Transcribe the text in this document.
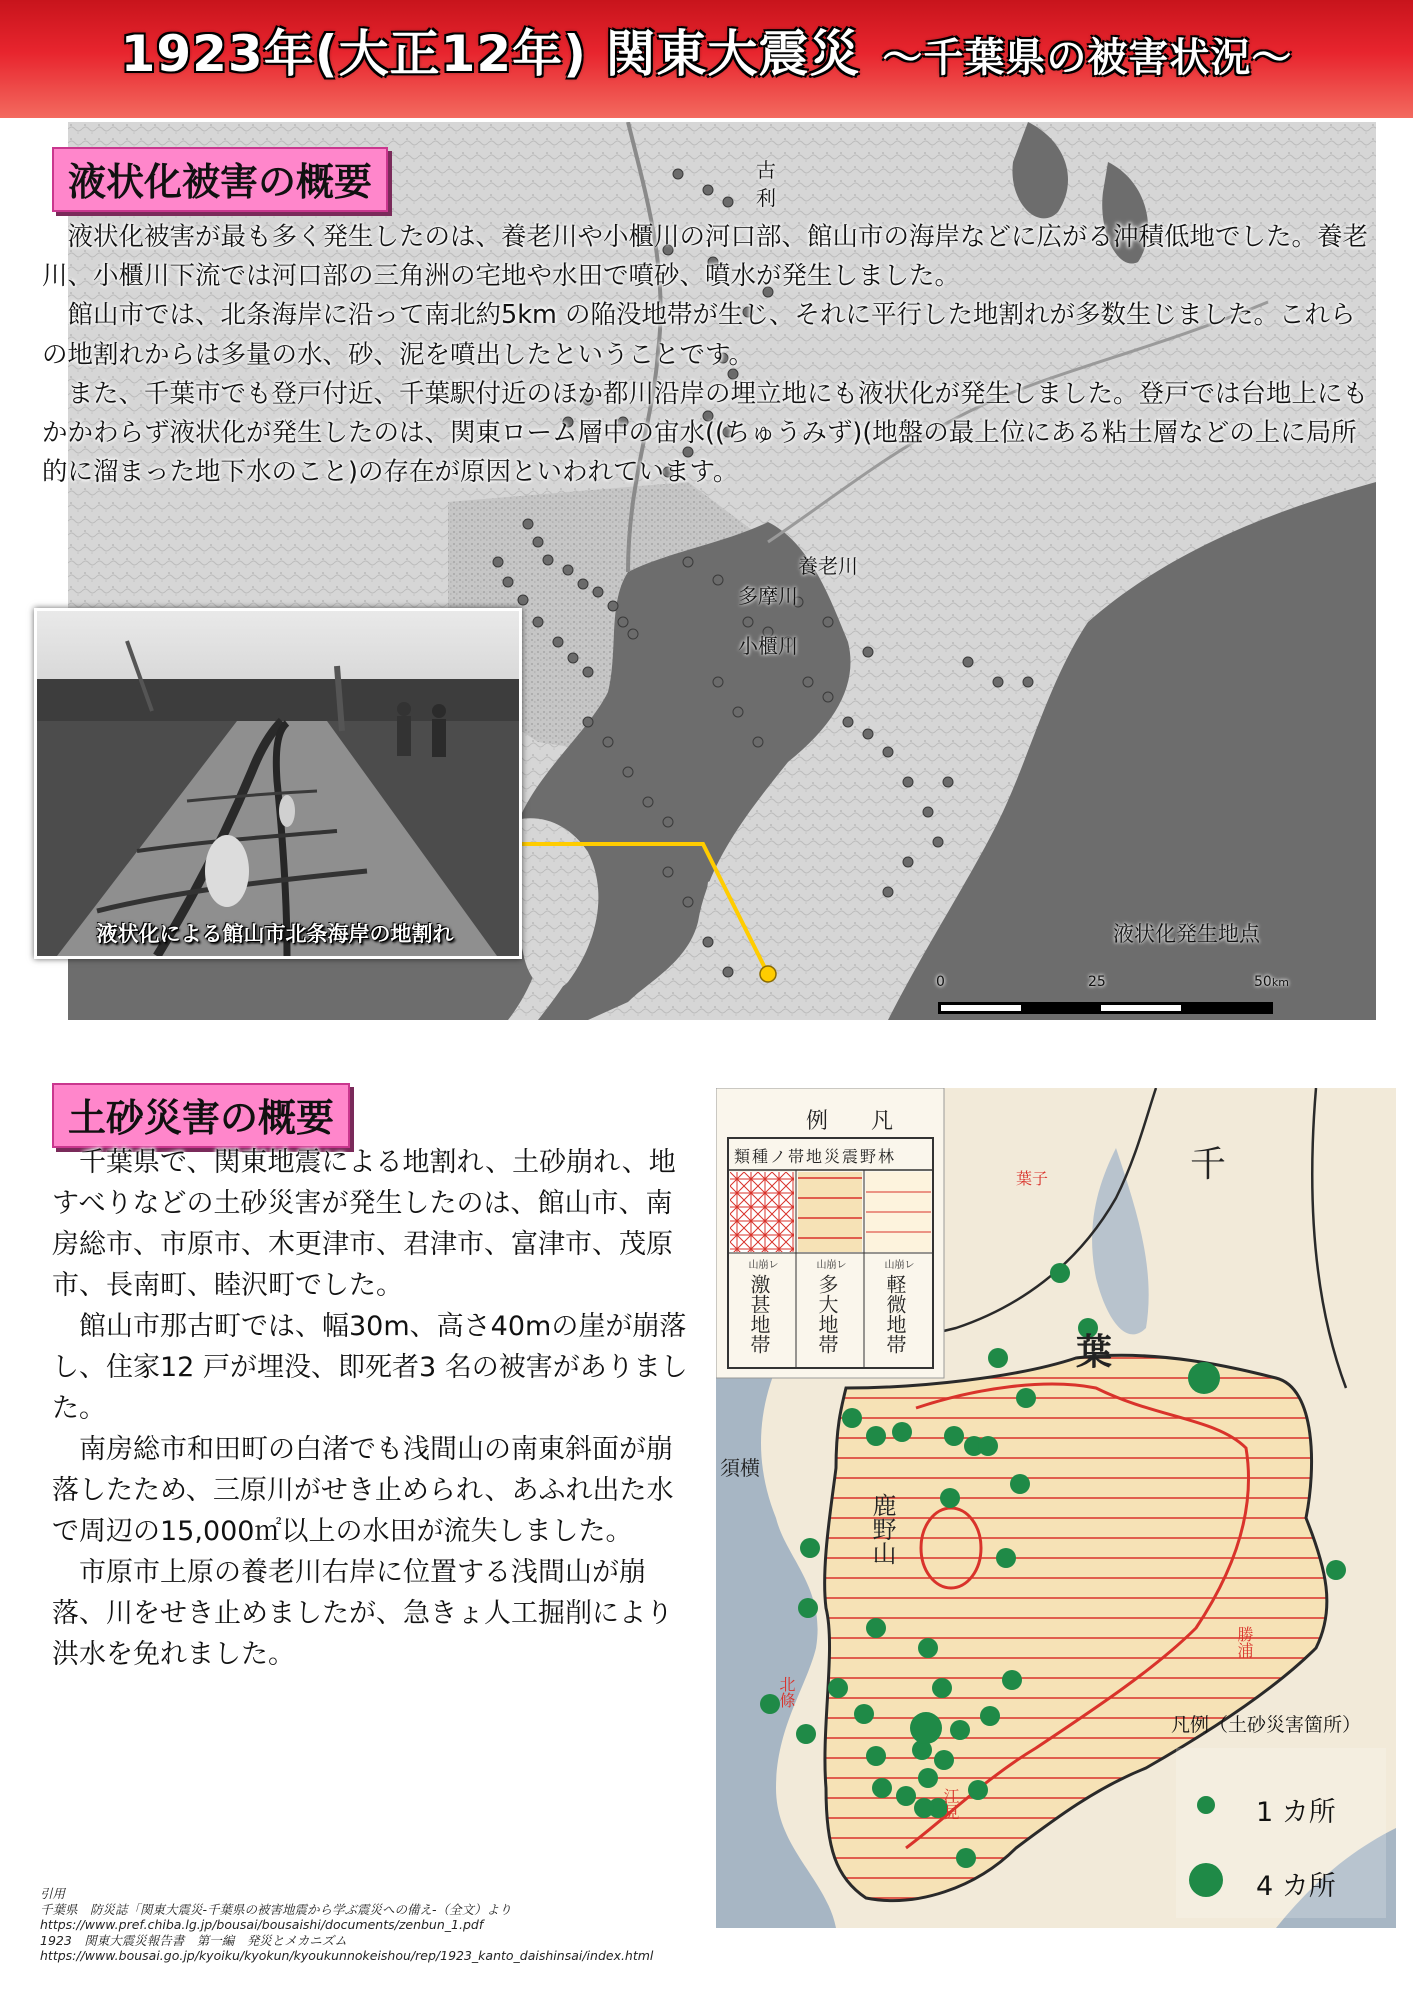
1923年(大正12年) 関東大震災 〜千葉県の被害状況〜
古
利
養老川
多摩川
小櫃川
液状化発生地点
0	25	50km
液状化被害の概要

液状化被害が最も多く発生したのは、養老川や小櫃川の河口部、館山市の海岸などに広がる沖積低地でした。養老川、小櫃川下流では河口部の三角洲の宅地や水田で噴砂、噴水が発生しました。

館山市では、北条海岸に沿って南北約5km の陥没地帯が生じ、それに平行した地割れが多数生じました。これらの地割れからは多量の水、砂、泥を噴出したということです。

また、千葉市でも登戸付近、千葉駅付近のほか都川沿岸の埋立地にも液状化が発生しました。登戸では台地上にもかかわらず液状化が発生したのは、関東ローム層中の宙水((ちゅうみず)(地盤の最上位にある粘土層などの上に局所的に溜まった地下水のこと)の存在が原因といわれています。

液状化による館山市北条海岸の地割れ
土砂災害の概要

千葉県で、関東地震による地割れ、土砂崩れ、地すべりなどの土砂災害が発生したのは、館山市、南房総市、市原市、木更津市、君津市、富津市、茂原市、長南町、睦沢町でした。

館山市那古町では、幅30m、高さ40mの崖が崩落し、住家12 戸が埋没、即死者3 名の被害がありました。

南房総市和田町の白渚でも浅間山の南東斜面が崩落したため、三原川がせき止められ、あふれ出た水で周辺の15,000㎡以上の水田が流失しました。

市原市上原の養老川右岸に位置する浅間山が崩落、川をせき止めましたが、急きょ人工掘削により洪水を免れました。

例 凡
類種ノ帯地災震野林
山崩レ	山崩レ	山崩レ
激甚地帯 多大地帯 軽微地帯
千
葉
鹿野山
葉子
須横
勝浦
北條
江見
凡例（土砂災害箇所）
1 カ所
4 カ所
引用
千葉県　防災誌「関東大震災-千葉県の被害地震から学ぶ震災への備え-（全文）より
https://www.pref.chiba.lg.jp/bousai/bousaishi/documents/zenbun_1.pdf
1923　関東大震災報告書　第一編　発災とメカニズム
https://www.bousai.go.jp/kyoiku/kyokun/kyoukunnokeishou/rep/1923_kanto_daishinsai/index.html
